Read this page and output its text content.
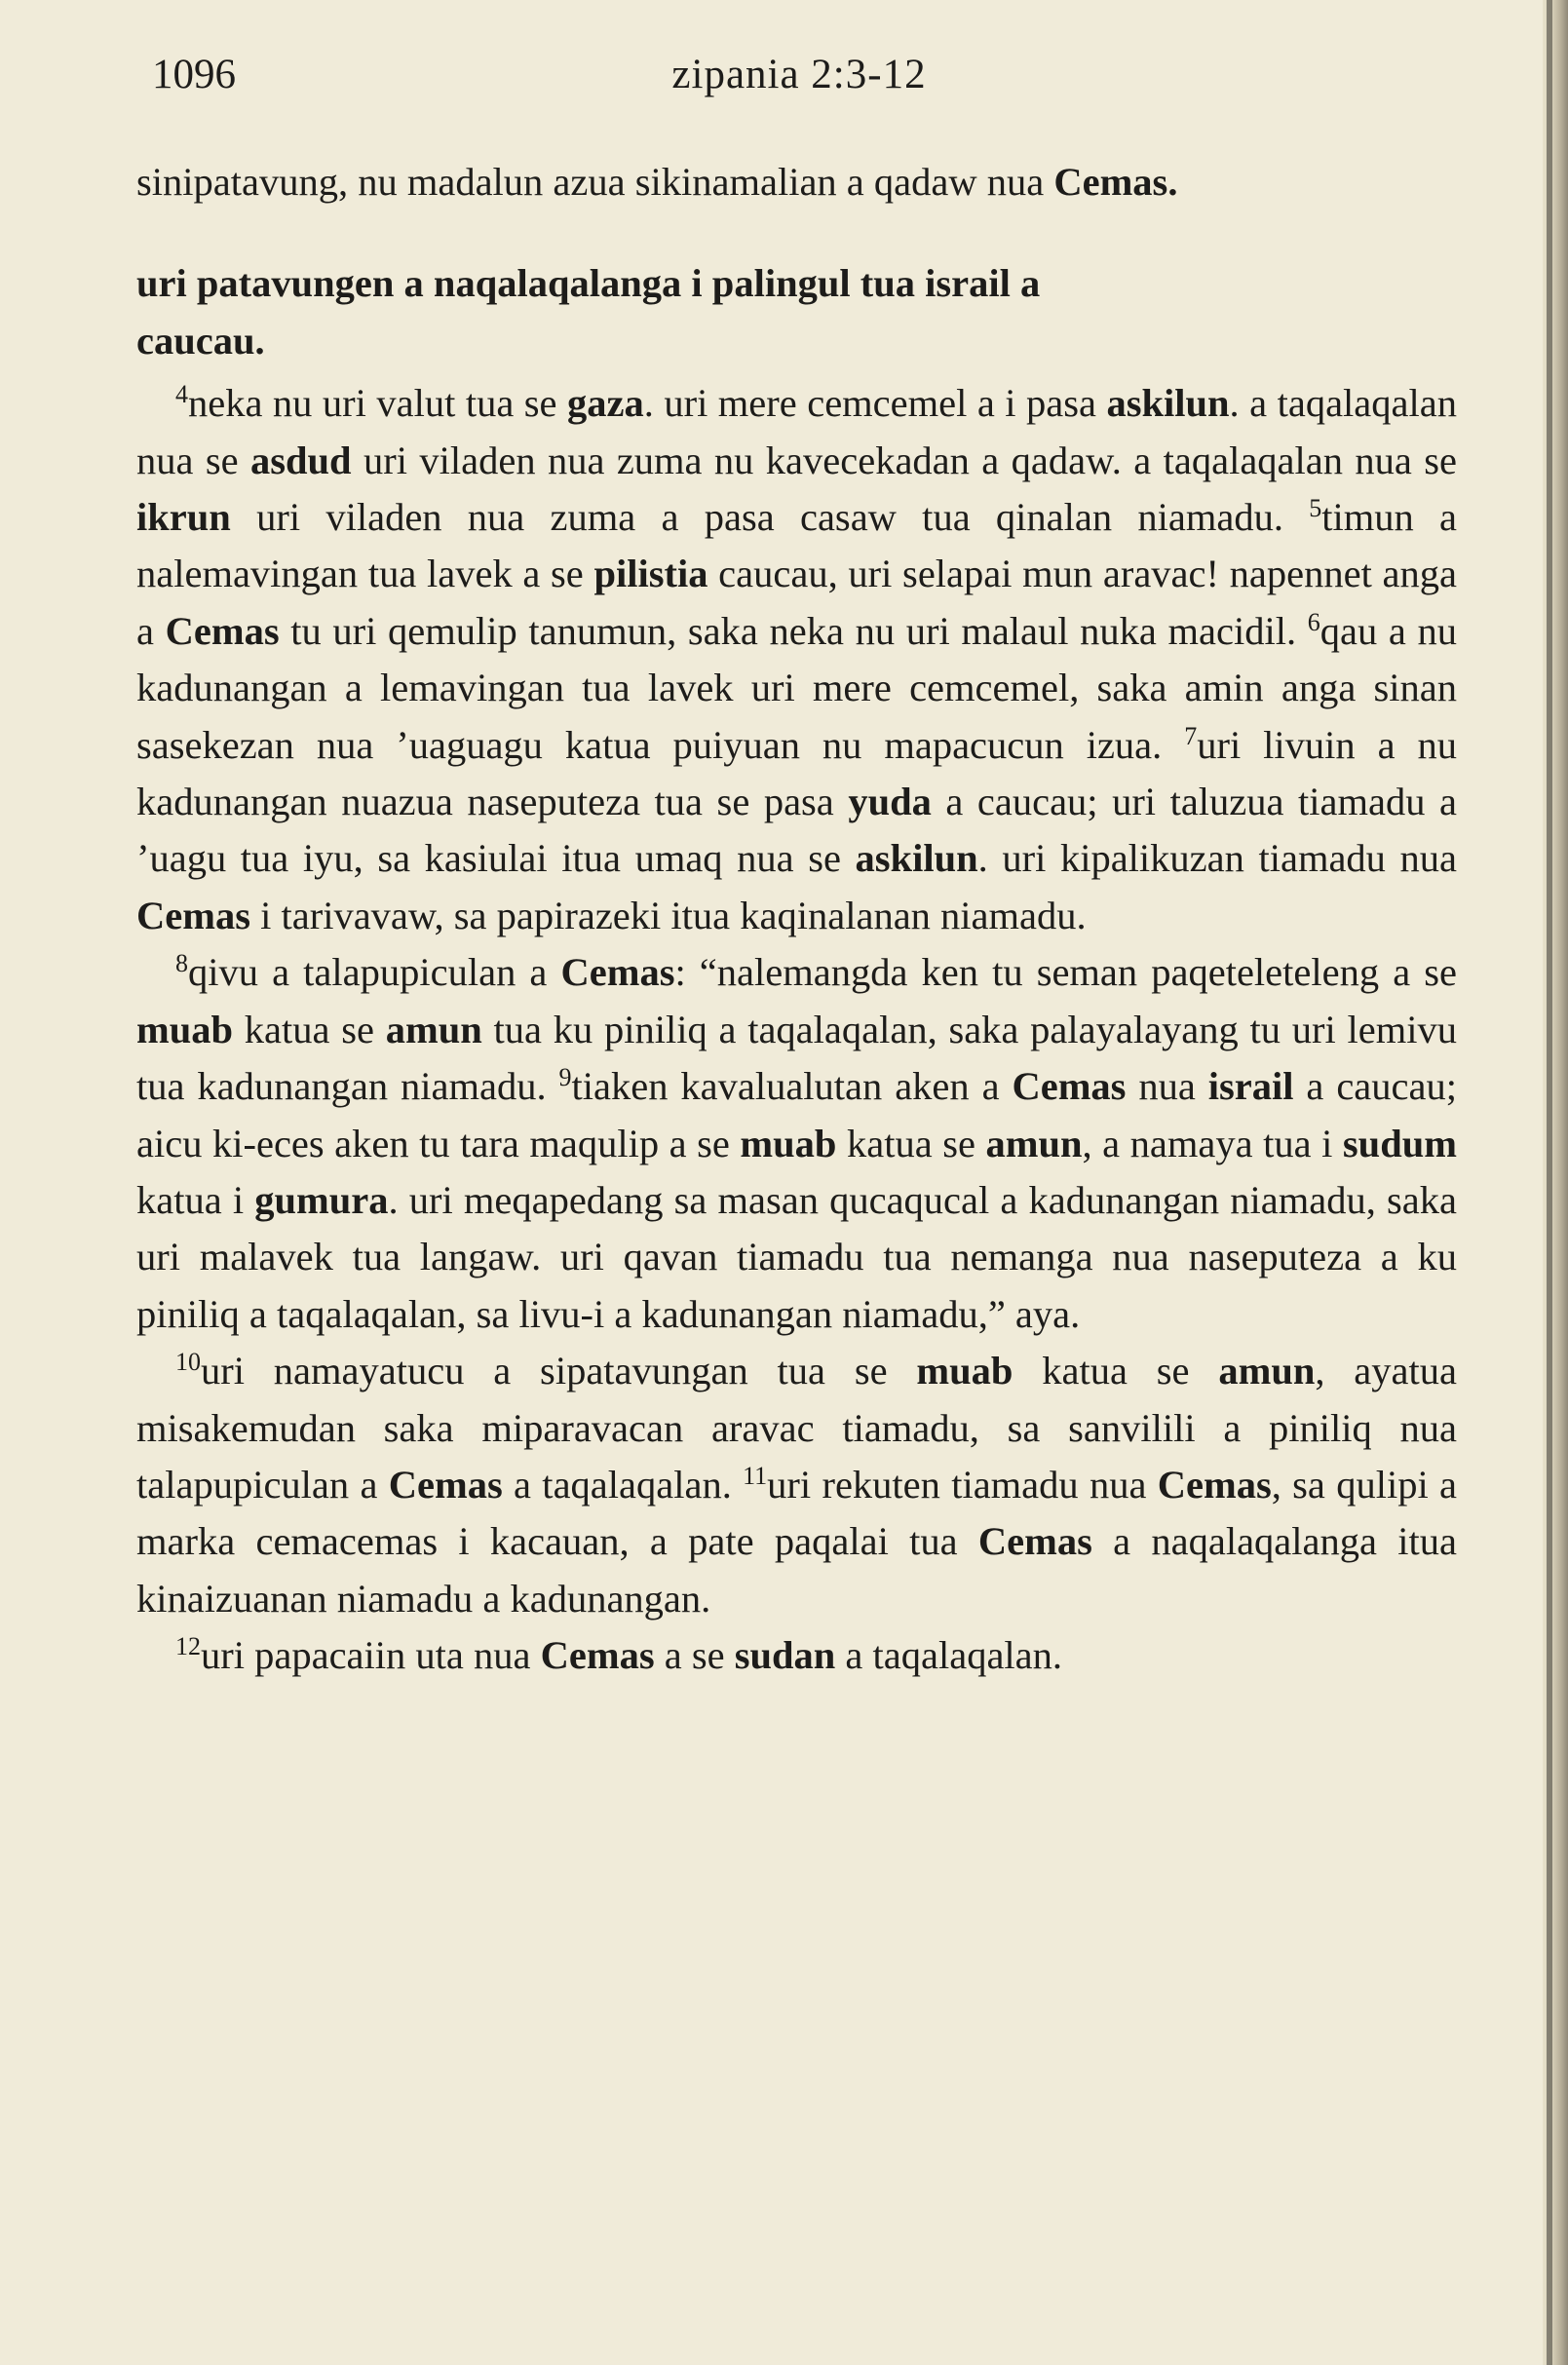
1096	zipania 2:3-12

sinipatavung, nu madalun azua sikinamalian a qadaw nua Cemas.

uri patavungen a naqalaqalanga i palingul tua israil a
caucau.

$^4$neka nu uri valut tua se gaza. uri mere cemcemel a i pasa askilun. a taqalaqalan nua se asdud uri viladen nua zuma nu kavecekadan a qadaw. a taqalaqalan nua se ikrun uri viladen nua zuma a pasa casaw tua qinalan niamadu. $^5$timun a nalemavingan tua lavek a se pilistia caucau, uri selapai mun aravac! napennet anga a Cemas tu uri qemulip tanumun, saka neka nu uri malaul nuka macidil. $^6$qau a nu kadunangan a lemavingan tua lavek uri mere cemcemel, saka amin anga sinan sasekezan nua ’uaguagu katua puiyuan nu mapacucun izua. $^7$uri livuin a nu kadunangan nuazua naseputeza tua se pasa yuda a caucau; uri taluzua tiamadu a ’uagu tua iyu, sa kasiulai itua umaq nua se askilun. uri kipalikuzan tiamadu nua Cemas i tarivavaw, sa papirazeki itua kaqinalanan niamadu.

$^8$qivu a talapupiculan a Cemas: “nalemangda ken tu seman paqeteleteleng a se muab katua se amun tua ku piniliq a taqalaqalan, saka palayalayang tu uri lemivu tua kadunangan niamadu. $^9$tiaken kavalualutan aken a Cemas nua israil a caucau; aicu ki-eces aken tu tara maqulip a se muab katua se amun, a namaya tua i sudum katua i gumura. uri meqapedang sa masan qucaqucal a kadunangan niamadu, saka uri malavek tua langaw. uri qavan tiamadu tua nemanga nua naseputeza a ku piniliq a taqalaqalan, sa livu-i a kadunangan niamadu,” aya.

$^{10}$uri namayatucu a sipatavungan tua se muab katua se amun, ayatua misakemudan saka miparavacan aravac tiamadu, sa sanvilili a piniliq nua talapupiculan a Cemas a taqalaqalan. $^{11}$uri rekuten tiamadu nua Cemas, sa qulipi a marka cemacemas i kacauan, a pate paqalai tua Cemas a naqalaqalanga itua kinaizuanan niamadu a kadunangan.

$^{12}$uri papacaiin uta nua Cemas a se sudan a taqalaqalan.
